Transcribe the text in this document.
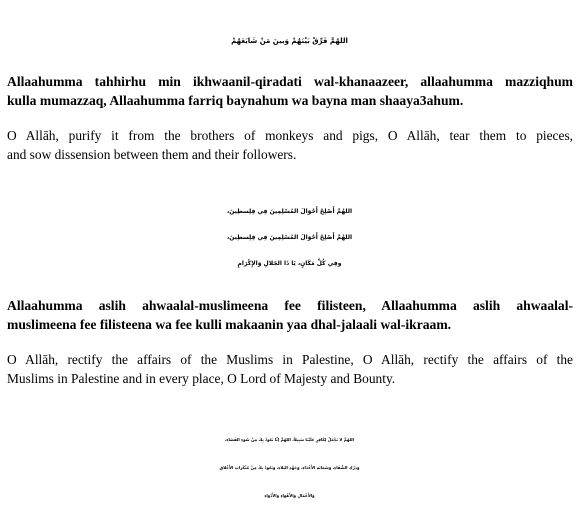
اللهُمَّ فَرِّقْ بَيْنَهُمْ وَبينَ مَنْ شَايَعَهُمْ

Allaahumma tahhirhu min ikhwaanil-qiradati wal-khanaazeer, allaahumma mazziqhum
kulla mumazzaq, Allaahumma farriq baynahum wa bayna man shaaya3ahum.

O Allāh, purify it from the brothers of monkeys and pigs, O Allāh, tear them to pieces,
and sow dissension between them and their followers.

اللهُمَّ أَصْلِحْ أَحْوَالَ المُسْلِمِينَ فِي فِلِسطِينَ،
اللهُمَّ أَصْلِحْ أَحْوَالَ المُسْلِمِينَ فِي فِلِسطِينَ،
وفِي كُلِّ مَكَانٍ، يَا ذَا الجَلالِ وَالإِكْرَامِ

Allaahumma aslih ahwaalal-muslimeena fee filisteen, Allaahumma aslih ahwaalal-
muslimeena fee filisteena wa fee kulli makaanin yaa dhal-jalaali wal-ikraam.

O Allāh, rectify the affairs of the Muslims in Palestine, O Allāh, rectify the affairs of the
Muslims in Palestine and in every place, O Lord of Majesty and Bounty.

اللهُمَّ لا تَجْعَلْ لِكَافِرٍ عَلَيْنَا سَبِيلاً، اللهُمَّ إنَّا نَعُوذُ بِكَ مِنْ سُوءِ القَضَاءِ،
وَدَرْكِ الشَّقَاءِ، وَشَمَاتَةِ الأَعْدَاءِ، وَجَهْدِ البَلاءِ، وَنَعُوذُ بِكَ مِنْ مُنْكَرَاتِ الأَخْلاقِ
وَالأَعْمَالِ وَالأَهْوَاءِ وَالأَدْوَاءِ
